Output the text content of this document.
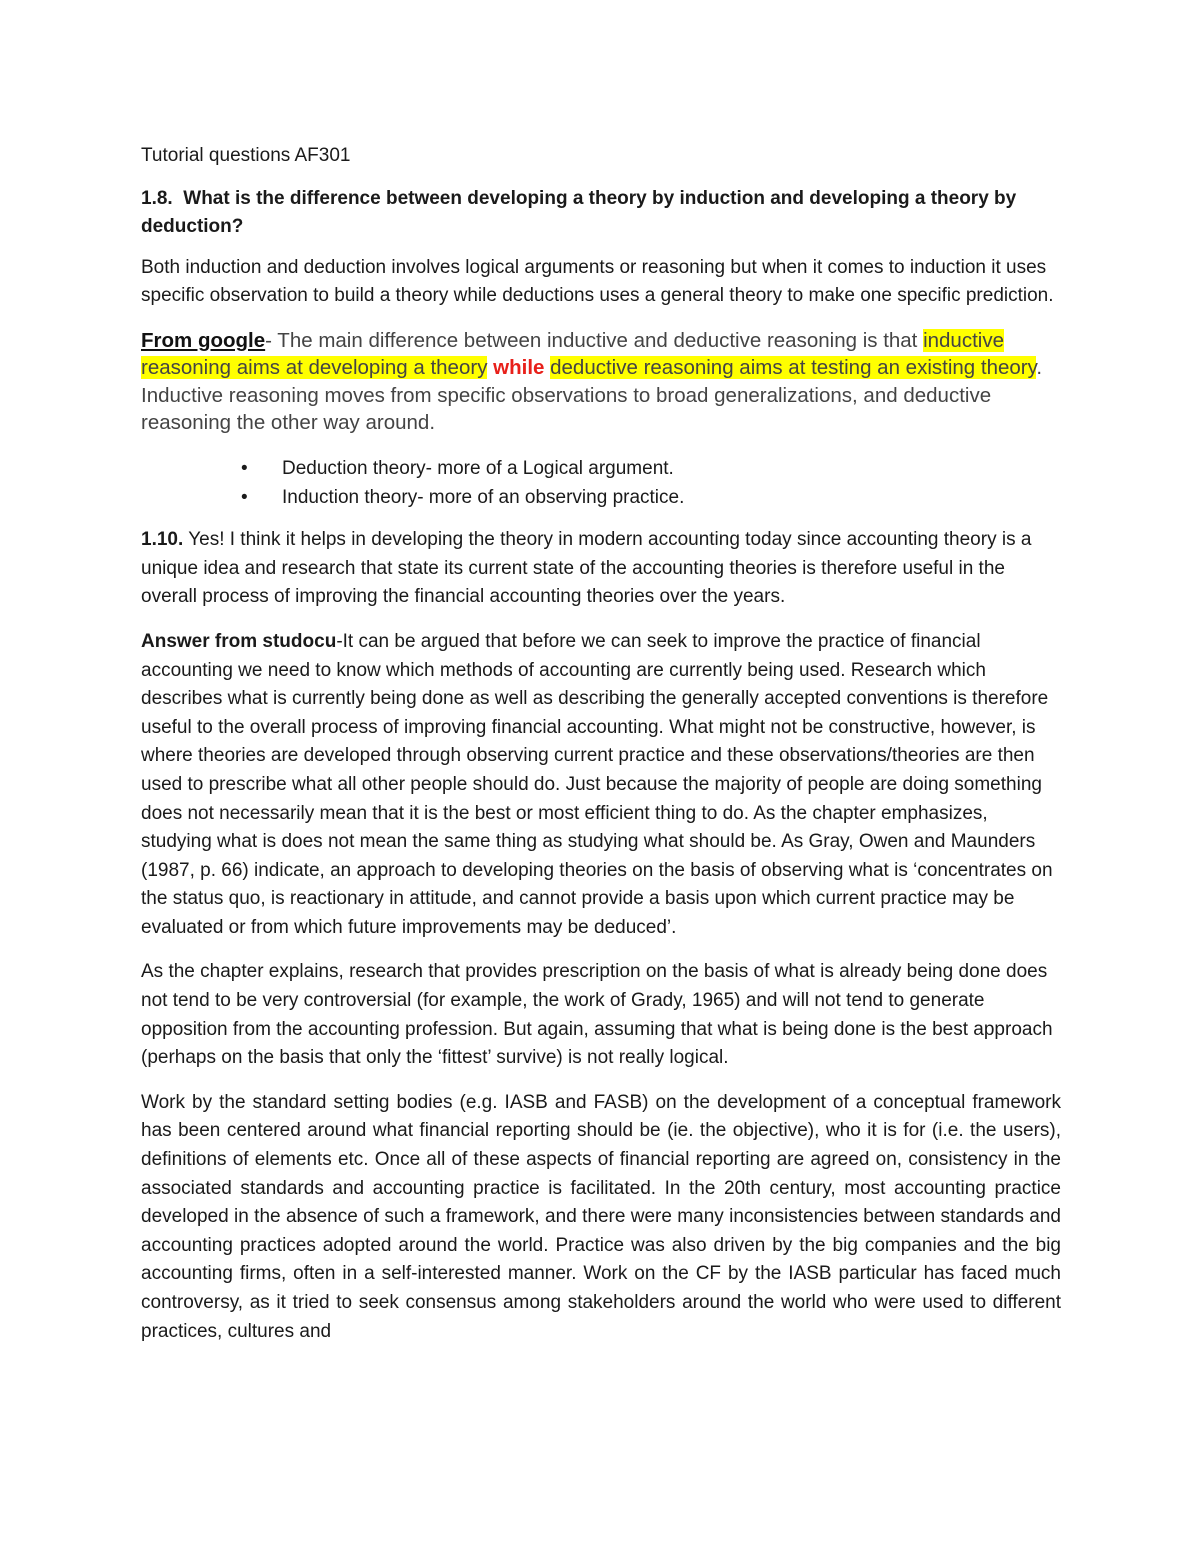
Tutorial questions AF301

1.8. What is the difference between developing a theory by induction and developing a theory by deduction?

Both induction and deduction involves logical arguments or reasoning but when it comes to induction it uses specific observation to build a theory while deductions uses a general theory to make one specific prediction.

From google- The main difference between inductive and deductive reasoning is that inductive reasoning aims at developing a theory while deductive reasoning aims at testing an existing theory. Inductive reasoning moves from specific observations to broad generalizations, and deductive reasoning the other way around.

• Deduction theory- more of a Logical argument.
• Induction theory- more of an observing practice.

1.10. Yes! I think it helps in developing the theory in modern accounting today since accounting theory is a unique idea and research that state its current state of the accounting theories is therefore useful in the overall process of improving the financial accounting theories over the years.

Answer from studocu-It can be argued that before we can seek to improve the practice of financial accounting we need to know which methods of accounting are currently being used. Research which describes what is currently being done as well as describing the generally accepted conventions is therefore useful to the overall process of improving financial accounting. What might not be constructive, however, is where theories are developed through observing current practice and these observations/theories are then used to prescribe what all other people should do. Just because the majority of people are doing something does not necessarily mean that it is the best or most efficient thing to do. As the chapter emphasizes, studying what is does not mean the same thing as studying what should be. As Gray, Owen and Maunders (1987, p. 66) indicate, an approach to developing theories on the basis of observing what is ‘concentrates on the status quo, is reactionary in attitude, and cannot provide a basis upon which current practice may be evaluated or from which future improvements may be deduced’.

As the chapter explains, research that provides prescription on the basis of what is already being done does not tend to be very controversial (for example, the work of Grady, 1965) and will not tend to generate opposition from the accounting profession. But again, assuming that what is being done is the best approach (perhaps on the basis that only the ‘fittest’ survive) is not really logical.

Work by the standard setting bodies (e.g. IASB and FASB) on the development of a conceptual framework has been centered around what financial reporting should be (ie. the objective), who it is for (i.e. the users), definitions of elements etc. Once all of these aspects of financial reporting are agreed on, consistency in the associated standards and accounting practice is facilitated. In the 20th century, most accounting practice developed in the absence of such a framework, and there were many inconsistencies between standards and accounting practices adopted around the world. Practice was also driven by the big companies and the big accounting firms, often in a self-interested manner. Work on the CF by the IASB particular has faced much controversy, as it tried to seek consensus among stakeholders around the world who were used to different practices, cultures and
